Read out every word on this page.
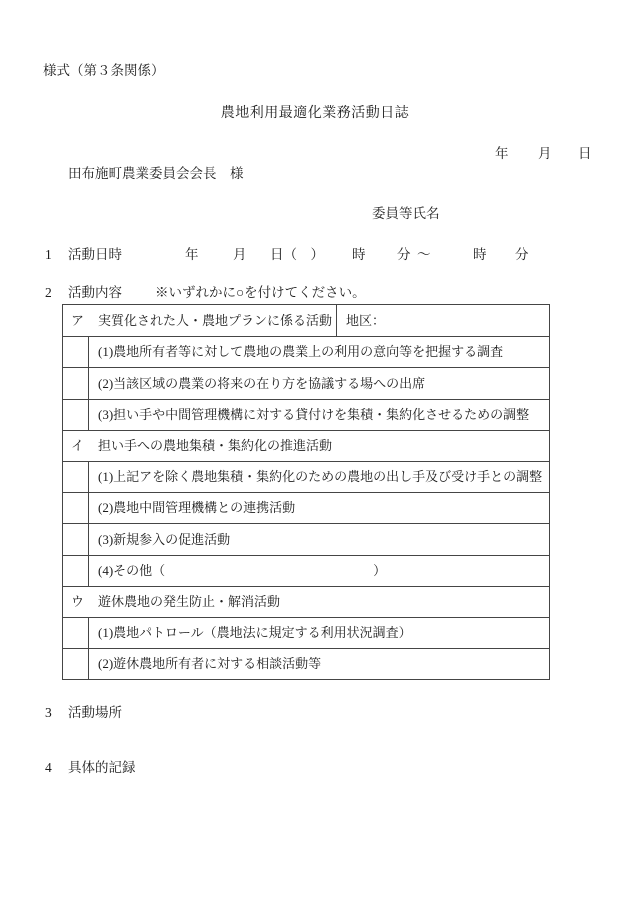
様式（第３条関係）
農地利用最適化業務活動日誌
年 月 日
田布施町農業委員会会長　様
委員等氏名
1 活動日時	年	月 日（　） 時 分 ～	時 分
2 活動内容 ※いずれかに○を付けてください。
ア	実質化された人・農地プランに係る活動	地区：
(1)農地所有者等に対して農地の農業上の利用の意向等を把握する調査
(2)当該区域の農業の将来の在り方を協議する場への出席
(3)担い手や中間管理機構に対する貸付けを集積・集約化させるための調整
イ	担い手への農地集積・集約化の推進活動
(1)上記アを除く農地集積・集約化のための農地の出し手及び受け手との調整
(2)農地中間管理機構との連携活動
(3)新規参入の促進活動
(4)その他（　　　　　　　　　　　　　　　　）
ウ	遊休農地の発生防止・解消活動
(1)農地パトロール（農地法に規定する利用状況調査）
(2)遊休農地所有者に対する相談活動等
3 活動場所
4 具体的記録
